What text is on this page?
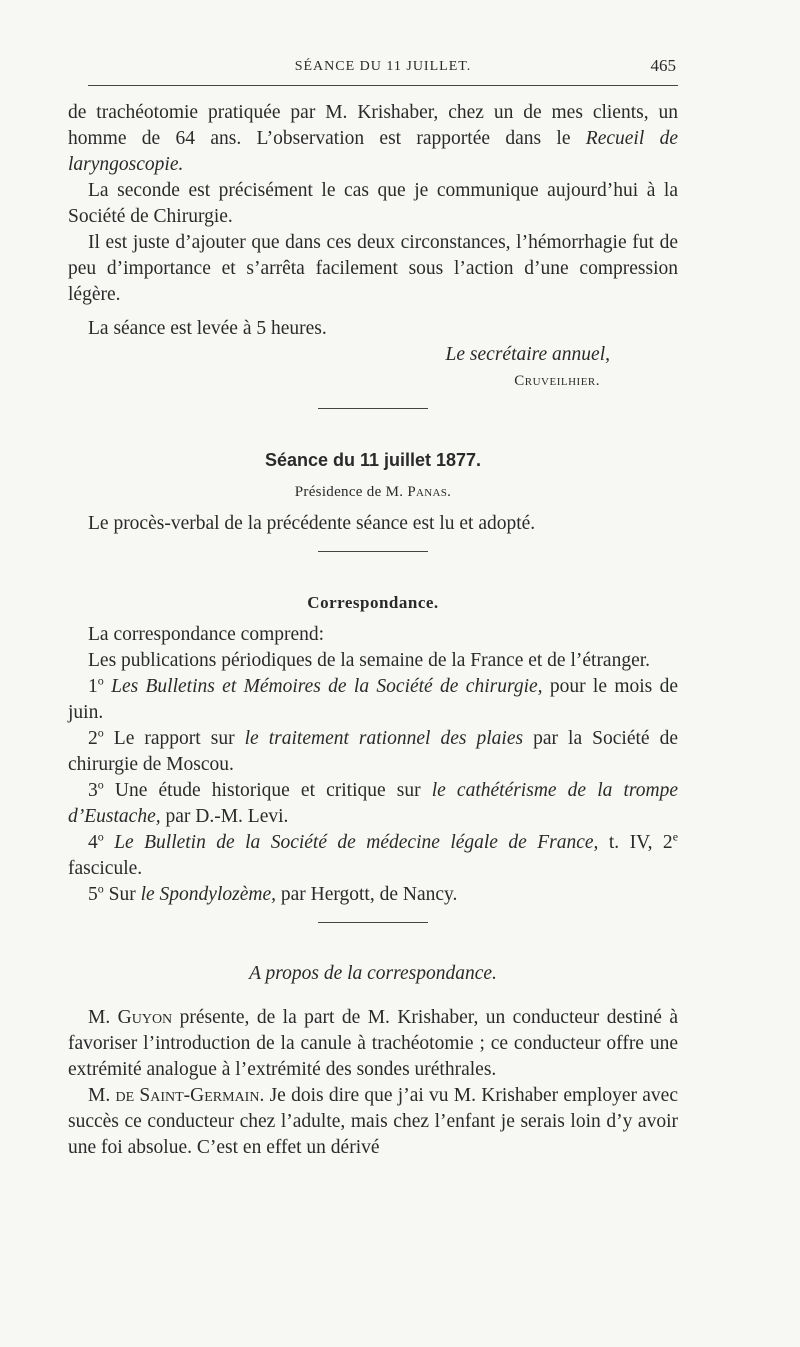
SÉANCE DU 11 JUILLET.	465

de trachéotomie pratiquée par M. Krishaber, chez un de mes clients, un homme de 64 ans. L’observation est rapportée dans le Recueil de laryngoscopie.

La seconde est précisément le cas que je communique aujourd’hui à la Société de Chirurgie.

Il est juste d’ajouter que dans ces deux circonstances, l’hémorrhagie fut de peu d’importance et s’arrêta facilement sous l’action d’une compression légère.

La séance est levée à 5 heures.

Le secrétaire annuel,
Cruveilhier.
Séance du 11 juillet 1877.
Présidence de M. Panas.

Le procès-verbal de la précédente séance est lu et adopté.

Correspondance.

La correspondance comprend:

Les publications périodiques de la semaine de la France et de l’étranger.

1$^o$ Les Bulletins et Mémoires de la Société de chirurgie, pour le mois de juin.

2$^o$ Le rapport sur le traitement rationnel des plaies par la Société de chirurgie de Moscou.

3$^o$ Une étude historique et critique sur le cathétérisme de la trompe d’Eustache, par D.-M. Levi.

4$^o$ Le Bulletin de la Société de médecine légale de France, t. IV, 2e fascicule.

5$^o$ Sur le Spondylozème, par Hergott, de Nancy.

A propos de la correspondance.

M. Guyon présente, de la part de M. Krishaber, un conducteur destiné à favoriser l’introduction de la canule à trachéotomie ; ce conducteur offre une extrémité analogue à l’extrémité des sondes uréthrales.

M. de Saint-Germain. Je dois dire que j’ai vu M. Krishaber employer avec succès ce conducteur chez l’adulte, mais chez l’enfant je serais loin d’y avoir une foi absolue. C’est en effet un dérivé
